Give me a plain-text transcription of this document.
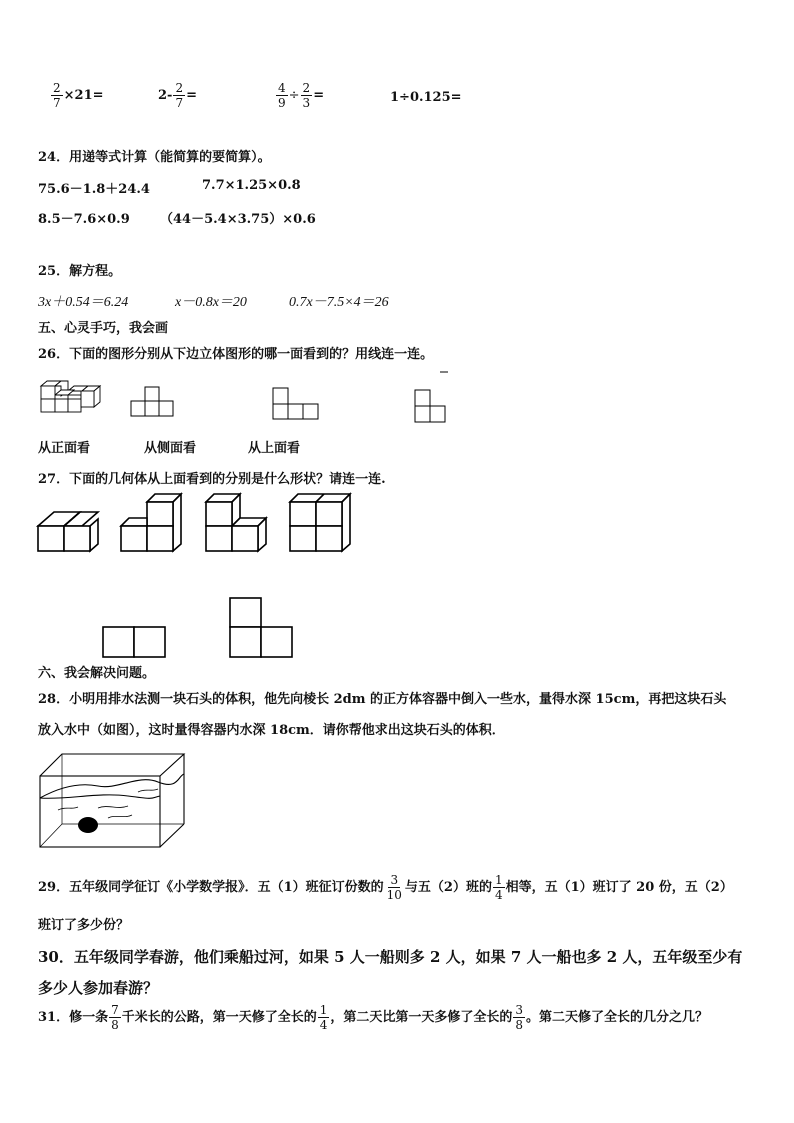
$\frac{2}{7} \times 21=$	$2- \frac{2}{7}$ =	$\frac{4}{9} \div \frac{2}{3}$ =	1÷0.125=
24．用递等式计算（能简算的要简算）。
75.6－1.8＋24.4	7.7×1.25×0.8
8.5－7.6×0.9 （44－5.4×3.75）×0.6
25．解方程。
3x＋0.54＝6.24	x－0.8x＝20	0.7x－7.5×4＝26
五、心灵手巧，我会画
26．下面的图形分别从下边立体图形的哪一面看到的？用线连一连。
从正面看	从侧面看	从上面看
27．下面的几何体从上面看到的分别是什么形状？请连一连.
六、我会解决问题。
28．小明用排水法测一块石头的体积，他先向棱长 2dm 的正方体容器中倒入一些水，量得水深 15cm，再把这块石头
放入水中（如图），这时量得容器内水深 18cm．请你帮他求出这块石头的体积．
29．五年级同学征订《小学数学报》．五（1）班征订份数的 $\frac{3}{10}$ 与五（2）班的 $\frac{1}{4}$ 相等，五（1）班订了 20 份，五（2）
班订了多少份？
30．五年级同学春游，他们乘船过河，如果 5 人一船则多 2 人，如果 7 人一船也多 2 人，五年级至少有
多少人参加春游？
31．修一条 $\frac{7}{8}$ 千米长的公路，第一天修了全长的 $\frac{1}{4}$ ，第二天比第一天多修了全长的 $\frac{3}{8}$ 。第二天修了全长的几分之几？
